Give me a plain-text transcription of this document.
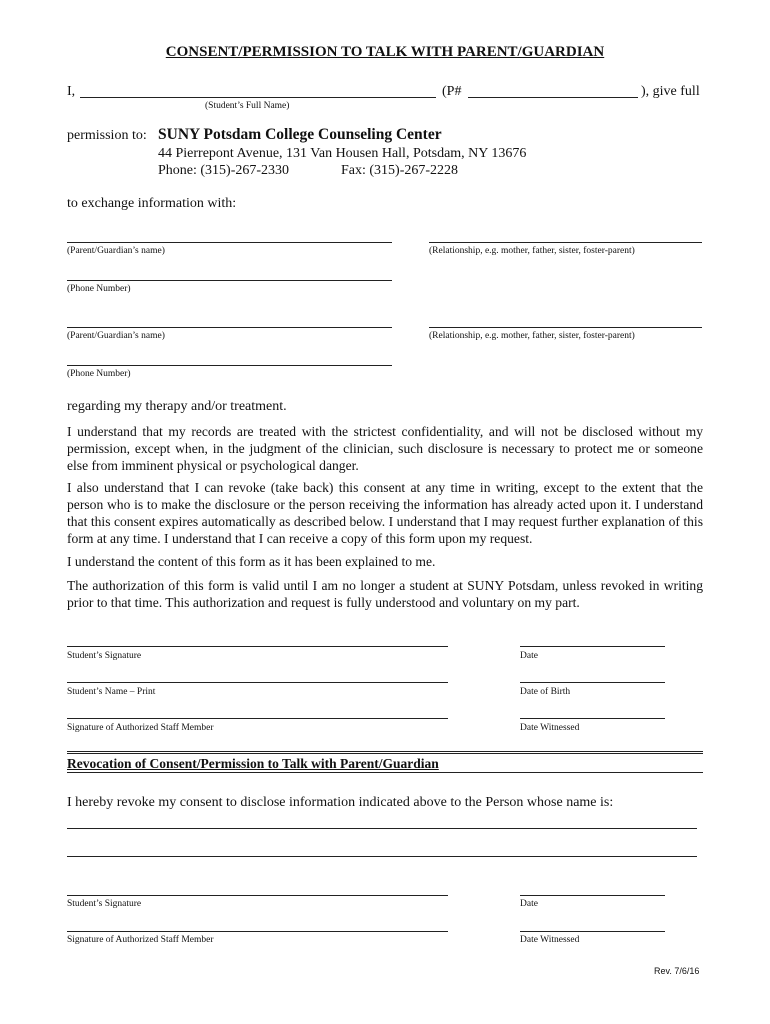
CONSENT/PERMISSION TO TALK WITH PARENT/GUARDIAN
I,	(P#	), give full
(Student’s Full Name)
permission to: SUNY Potsdam College Counseling Center
44 Pierrepont Avenue, 131 Van Housen Hall, Potsdam, NY 13676
Phone: (315)-267-2330	Fax: (315)-267-2228
to exchange information with:
(Parent/Guardian’s name)	(Relationship, e.g. mother, father, sister, foster-parent)
(Phone Number)
(Parent/Guardian’s name)	(Relationship, e.g. mother, father, sister, foster-parent)
(Phone Number)
regarding my therapy and/or treatment.
I understand that my records are treated with the strictest confidentiality, and will not be disclosed without my permission, except when, in the judgment of the clinician, such disclosure is necessary to protect me or someone else from imminent physical or psychological danger.
I also understand that I can revoke (take back) this consent at any time in writing, except to the extent that the person who is to make the disclosure or the person receiving the information has already acted upon it. I understand that this consent expires automatically as described below. I understand that I may request further explanation of this form at any time. I understand that I can receive a copy of this form upon my request.
I understand the content of this form as it has been explained to me.
The authorization of this form is valid until I am no longer a student at SUNY Potsdam, unless revoked in writing prior to that time. This authorization and request is fully understood and voluntary on my part.
Student’s Signature	Date
Student’s Name – Print	Date of Birth
Signature of Authorized Staff Member	Date Witnessed
Revocation of Consent/Permission to Talk with Parent/Guardian
I hereby revoke my consent to disclose information indicated above to the Person whose name is:
Student’s Signature	Date
Signature of Authorized Staff Member	Date Witnessed
Rev. 7/6/16
